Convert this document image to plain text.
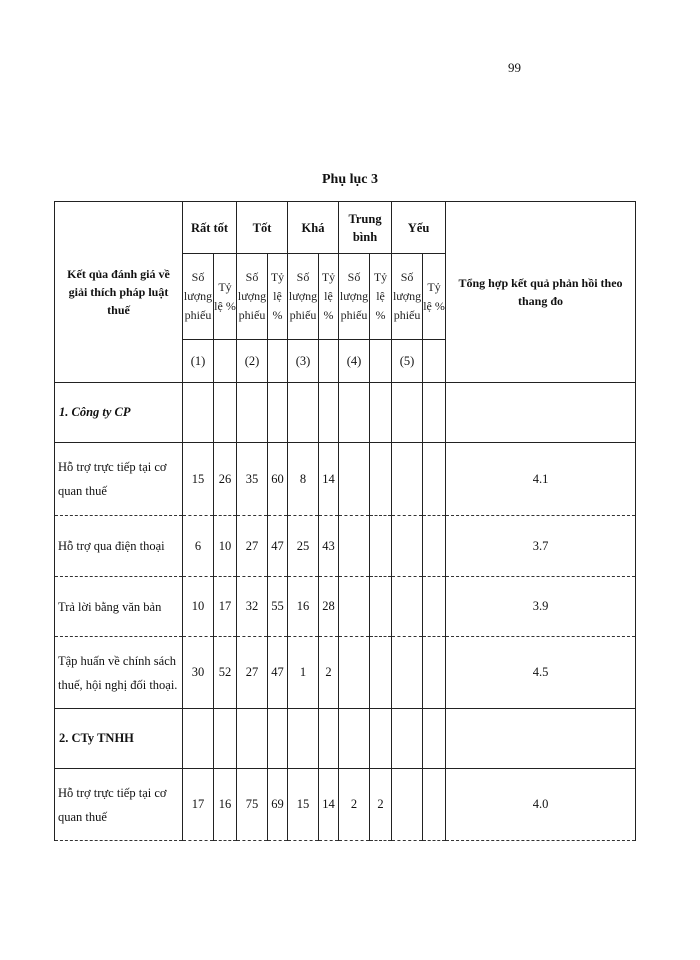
99
Phụ lục 3
Kết qủa đánh giá về giải thích pháp luật thuế	Rất tốt		Tốt		Khá		Trung bình		Yếu		Tổng hợp kết quả phản hồi theo thang đo
	Số lượng phiếu	Tỷ lệ %	Số lượng phiếu	Tỷ lệ %	Số lượng phiếu	Tỷ lệ %	Số lượng phiếu	Tỷ lệ %	Số lượng phiếu	Tỷ lệ %	
	(1)		(2)		(3)		(4)		(5)		
1. Công ty CP											
Hỗ trợ trực tiếp tại cơ quan thuế	15	26	35	60	8	14					4.1
Hỗ trợ qua điện thoại	6	10	27	47	25	43					3.7
Trả lời bằng văn bản	10	17	32	55	16	28					3.9
Tập huấn về chính sách thuế, hội nghị đối thoại.	30	52	27	47	1	2					4.5
2. CTy TNHH											
Hỗ trợ trực tiếp tại cơ quan thuế	17	16	75	69	15	14	2	2			4.0
